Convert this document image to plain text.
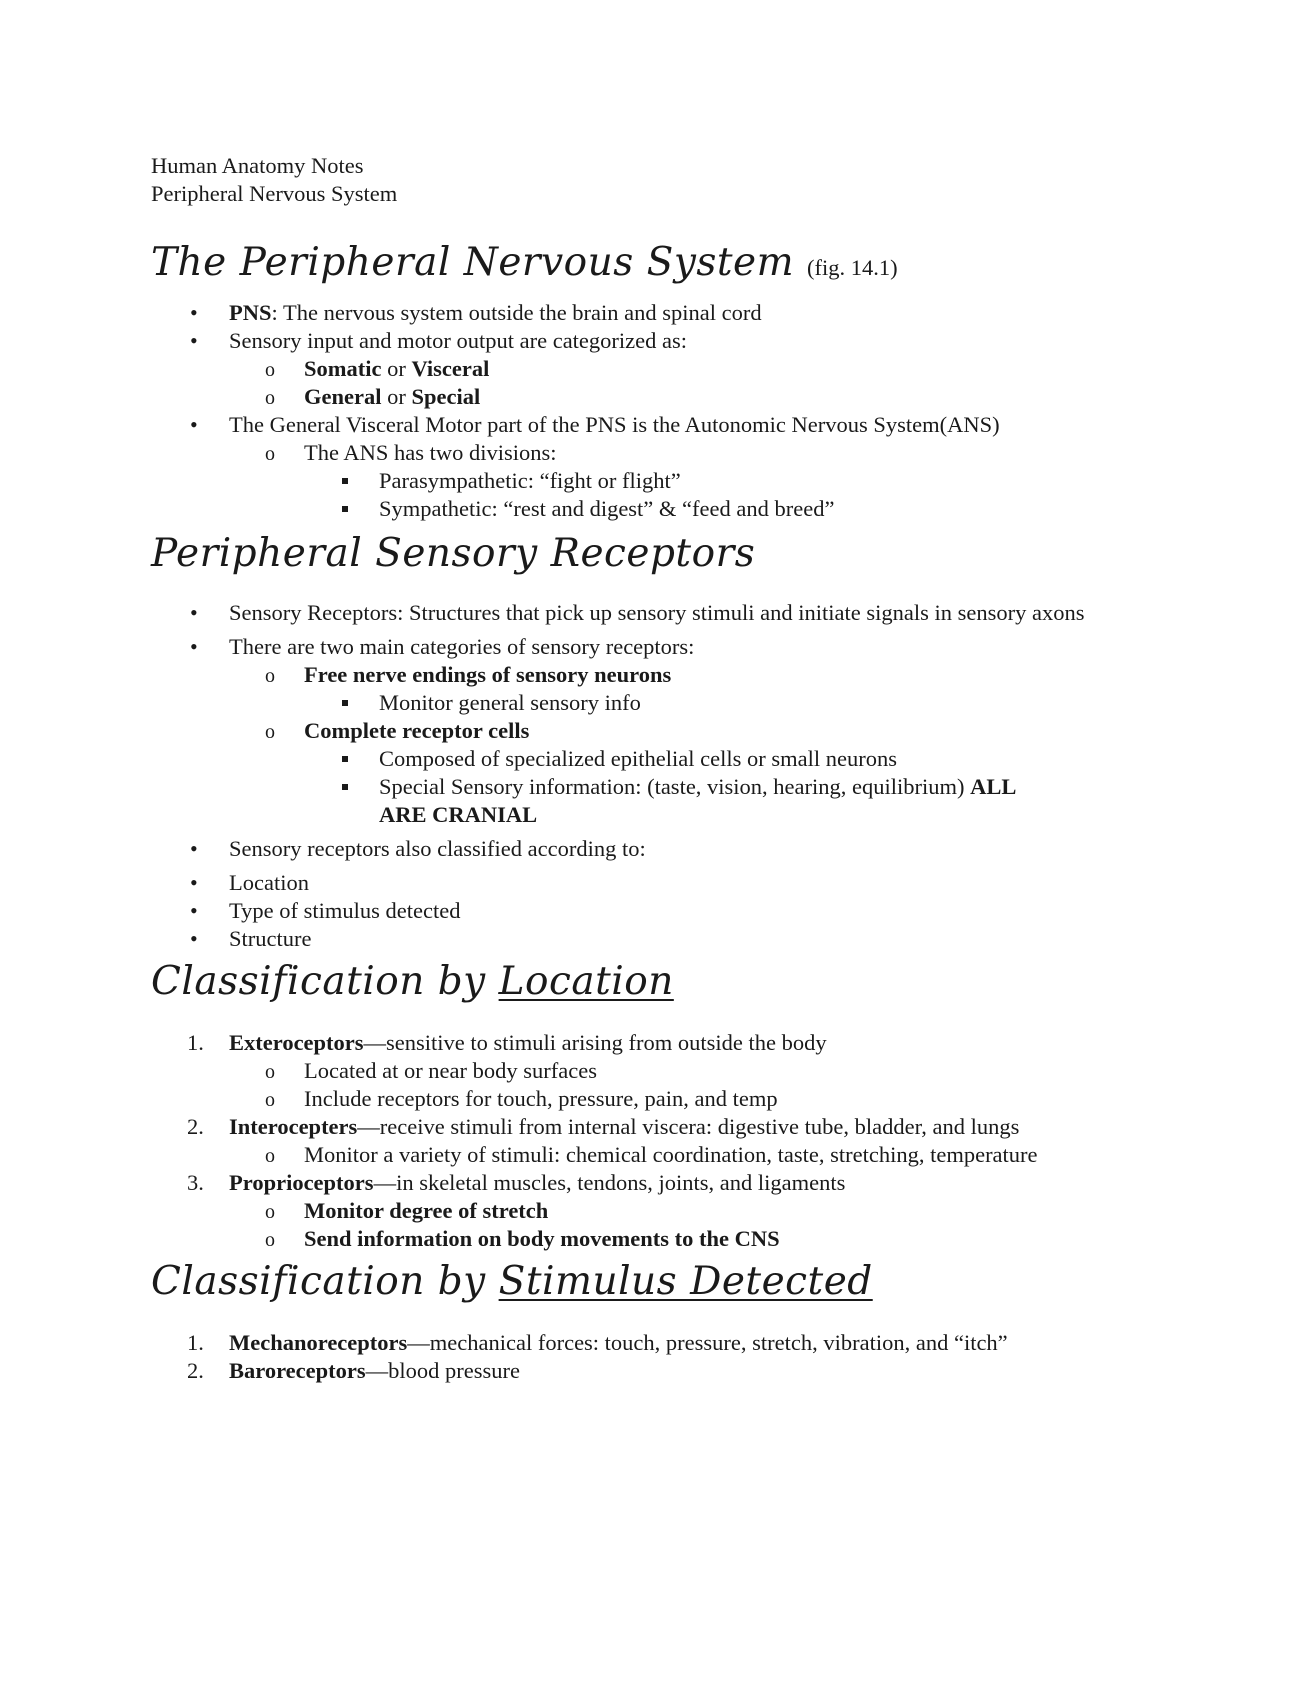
Human Anatomy Notes
Peripheral Nervous System
The Peripheral Nervous System (fig. 14.1)
•
PNS: The nervous system outside the brain and spinal cord
•
Sensory input and motor output are categorized as:
o
Somatic or Visceral
o
General or Special
•
The General Visceral Motor part of the PNS is the Autonomic Nervous System(ANS)
o
The ANS has two divisions:
Parasympathetic: “fight or flight”
Sympathetic: “rest and digest” & “feed and breed”
Peripheral Sensory Receptors
•
Sensory Receptors: Structures that pick up sensory stimuli and initiate signals in sensory axons
•
There are two main categories of sensory receptors:
o
Free nerve endings of sensory neurons
Monitor general sensory info
o
Complete receptor cells
Composed of specialized epithelial cells or small neurons
Special Sensory information: (taste, vision, hearing, equilibrium) ALL ARE CRANIAL
•
Sensory receptors also classified according to:
•
Location
•
Type of stimulus detected
•
Structure
Classification by Location
1. Exteroceptors—sensitive to stimuli arising from outside the body
o
Located at or near body surfaces
o
Include receptors for touch, pressure, pain, and temp
2. Interocepters—receive stimuli from internal viscera: digestive tube, bladder, and lungs
o
Monitor a variety of stimuli: chemical coordination, taste, stretching, temperature
3. Proprioceptors—in skeletal muscles, tendons, joints, and ligaments
o
Monitor degree of stretch
o
Send information on body movements to the CNS
Classification by Stimulus Detected
1. Mechanoreceptors—mechanical forces: touch, pressure, stretch, vibration, and “itch”
2. Baroreceptors—blood pressure
